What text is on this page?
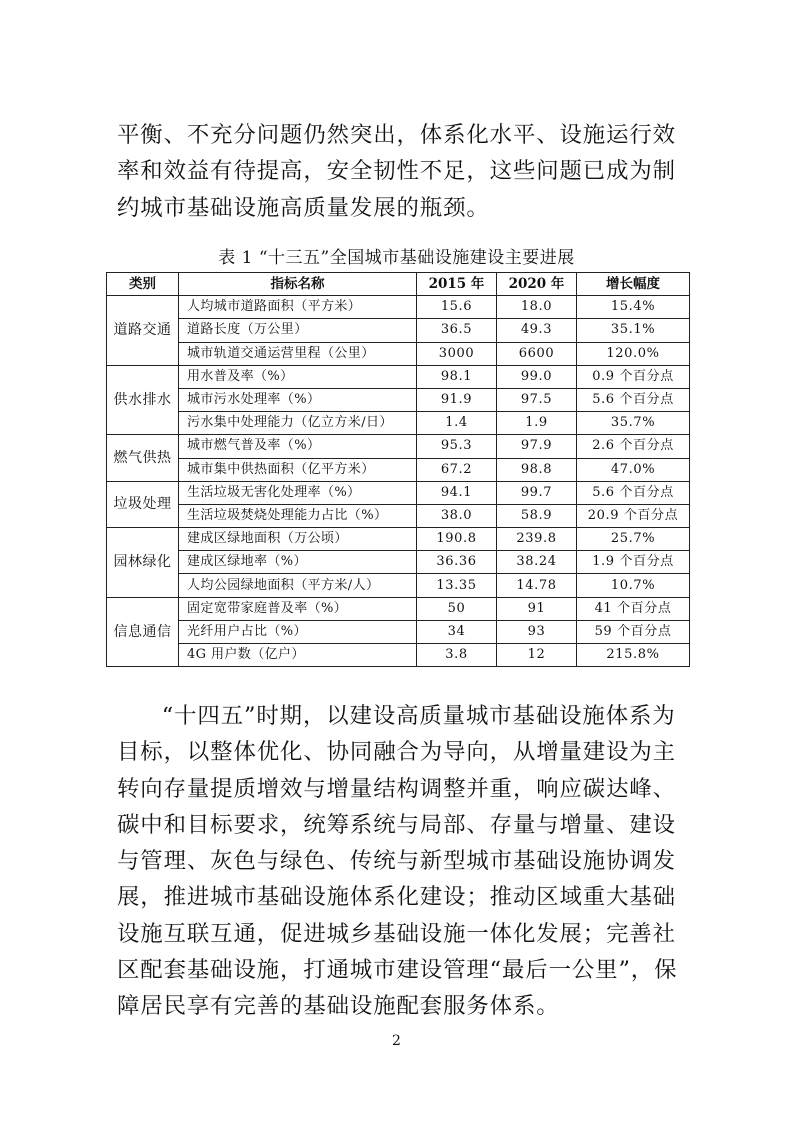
平衡、不充分问题仍然突出，体系化水平、设施运行效率和效益有待提高，安全韧性不足，这些问题已成为制约城市基础设施高质量发展的瓶颈。

表 1 “十三五”全国城市基础设施建设主要进展
类别	指标名称	2015 年	2020 年	增长幅度
道路交通	人均城市道路面积（平方米）	15.6	18.0	15.4%
	道路长度（万公里）	36.5	49.3	35.1%
	城市轨道交通运营里程（公里）	3000	6600	120.0%
供水排水	用水普及率（%）	98.1	99.0	0.9 个百分点
	城市污水处理率（%）	91.9	97.5	5.6 个百分点
	污水集中处理能力（亿立方米/日）	1.4	1.9	35.7%
燃气供热	城市燃气普及率（%）	95.3	97.9	2.6 个百分点
	城市集中供热面积（亿平方米）	67.2	98.8	47.0%
垃圾处理	生活垃圾无害化处理率（%）	94.1	99.7	5.6 个百分点
	生活垃圾焚烧处理能力占比（%）	38.0	58.9	20.9 个百分点
园林绿化	建成区绿地面积（万公顷）	190.8	239.8	25.7%
	建成区绿地率（%）	36.36	38.24	1.9 个百分点
	人均公园绿地面积（平方米/人）	13.35	14.78	10.7%
信息通信	固定宽带家庭普及率（%）	50	91	41 个百分点
	光纤用户占比（%）	34	93	59 个百分点
	4G 用户数（亿户）	3.8	12	215.8%

“十四五”时期，以建设高质量城市基础设施体系为目标，以整体优化、协同融合为导向，从增量建设为主转向存量提质增效与增量结构调整并重，响应碳达峰、碳中和目标要求，统筹系统与局部、存量与增量、建设与管理、灰色与绿色、传统与新型城市基础设施协调发展，推进城市基础设施体系化建设；推动区域重大基础设施互联互通，促进城乡基础设施一体化发展；完善社区配套基础设施，打通城市建设管理“最后一公里”，保障居民享有完善的基础设施配套服务体系。

2
